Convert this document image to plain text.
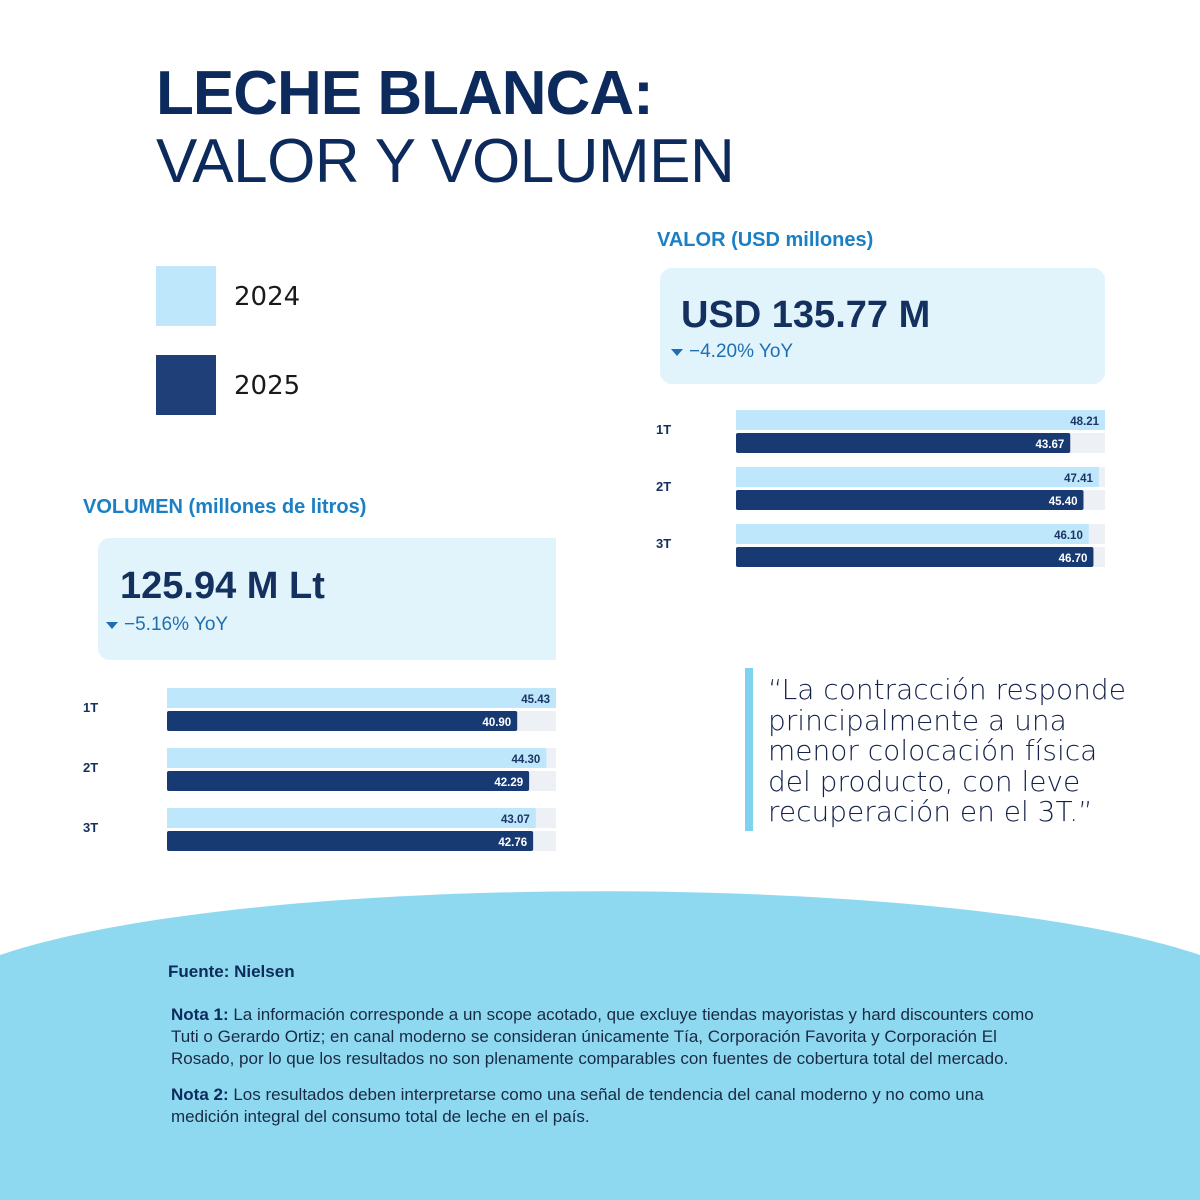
LECHE BLANCA:
VALOR Y VOLUMEN
2024
2025
VALOR (USD millones)
USD 135.77 M
−4.20% YoY
1T	48.21
43.67
2T	47.41
45.40
3T	46.10
46.70
VOLUMEN (millones de litros)
125.94 M Lt
−5.16% YoY
1T	45.43
40.90
2T	44.30
42.29
3T	43.07
42.76
“La contracción responde principalmente a una menor colocación física del producto, con leve recuperación en el 3T.”
Fuente: Nielsen
Nota 1: La información corresponde a un scope acotado, que excluye tiendas mayoristas y hard discounters como Tuti o Gerardo Ortiz; en canal moderno se consideran únicamente Tía, Corporación Favorita y Corporación El Rosado, por lo que los resultados no son plenamente comparables con fuentes de cobertura total del mercado.
Nota 2: Los resultados deben interpretarse como una señal de tendencia del canal moderno y no como una medición integral del consumo total de leche en el país.
